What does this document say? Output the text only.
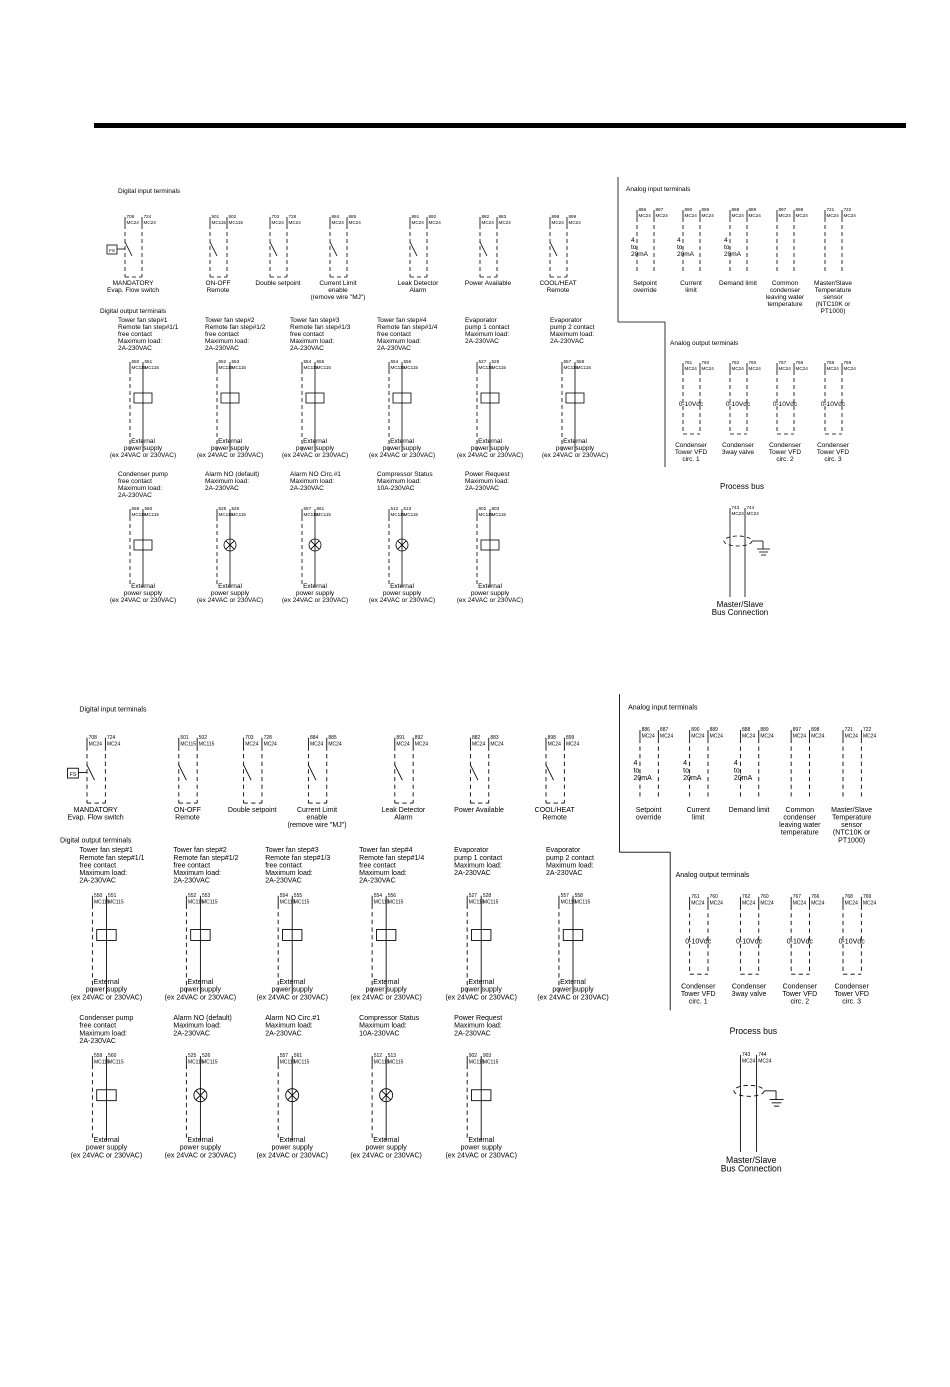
Digital input terminals
708 724
MC24 MC24
FS
MANDATORY
Evap. Flow switch
501 502
MC115 MC115
ON-OFF
Remote
703 728
MC24 MC24
Double setpoint
884 885
MC24 MC24
Current Limit
enable
(remove wire "MJ")
891 892
MC24 MC24
Leak Detector
Alarm
882 883
MC24 MC24
Power Available
898 899
MC24 MC24
COOL/HEAT
Remote
Digital output terminals
Tower fan step#1
Remote fan step#1/1
free contact
Maximum load:
2A-230VAC
550 551
MC115
MC115
External
power supply
(ex 24VAC or 230VAC)
Tower fan step#2
Remote fan step#1/2
free contact
Maximum load:
2A-230VAC
552 553
MC115
MC115
External
power supply
(ex 24VAC or 230VAC)
Tower fan step#3
Remote fan step#1/3
free contact
Maximum load:
2A-230VAC
554 555
MC115
MC115
External
power supply
(ex 24VAC or 230VAC)
Tower fan step#4
Remote fan step#1/4
free contact
Maximum load:
2A-230VAC
554 556
MC115
MC115
External
power supply
(ex 24VAC or 230VAC)
Evaporator
pump 1 contact
Maximum load:
2A-230VAC
527 528
MC115
MC115
External
power supply
(ex 24VAC or 230VAC)
Evaporator
pump 2 contact
Maximum load:
2A-230VAC
557 558
MC115
MC115
External
power supply
(ex 24VAC or 230VAC)
Condenser pump
free contact
Maximum load:
2A-230VAC
559 560
MC115
MC115
External
power supply
(ex 24VAC or 230VAC)
Alarm NO (default)
Maximum load:
2A-230VAC
525 526
MC115
MC115
External
power supply
(ex 24VAC or 230VAC)
Alarm NO Circ.#1
Maximum load:
2A-230VAC
557 561
MC115
MC115
External
power supply
(ex 24VAC or 230VAC)
Compressor Status
Maximum load:
10A-230VAC
512 513
MC115
MC115
External
power supply
(ex 24VAC or 230VAC)
Power Request
Maximum load:
2A-230VAC
902 903
MC115
MC115
External
power supply
(ex 24VAC or 230VAC)
Analog input terminals
886 887
MC24 MC24
4
to
20mA
Setpoint
override
890 889
MC24 MC24
4
to
20mA
Current
limit
888 889
MC24 MC24
4
to
20mA
Demand limit
897 898
MC24 MC24
Common
condenser
leaving water
temperature
721 722
MC24 MC24
Master/Slave
Temperature
sensor
(NTC10K or
PT1000)
Analog output terminals
761 760
MC24 MC24
0-10Vdc
Condenser
Tower VFD
circ. 1
762 760
MC24 MC24
0-10Vdc
Condenser
3way valve
767 766
MC24 MC24
0-10Vdc
Condenser
Tower VFD
circ. 2
768 769
MC24 MC24
0-10Vdc
Condenser
Tower VFD
circ. 3
Process bus
743 744
MC24 MC24
Master/Slave
Bus Connection
Digital input terminals
708 724
MC24 MC24
FS
MANDATORY
Evap. Flow switch
501 502
MC115 MC115
ON-OFF
Remote
703 728
MC24 MC24
Double setpoint
884 885
MC24 MC24
Current Limit
enable
(remove wire "MJ")
891 892
MC24 MC24
Leak Detector
Alarm
882 883
MC24 MC24
Power Available
898 899
MC24 MC24
COOL/HEAT
Remote
Digital output terminals
Tower fan step#1
Remote fan step#1/1
free contact
Maximum load:
2A-230VAC
550 551
MC115
MC115
External
power supply
(ex 24VAC or 230VAC)
Tower fan step#2
Remote fan step#1/2
free contact
Maximum load:
2A-230VAC
552 553
MC115
MC115
External
power supply
(ex 24VAC or 230VAC)
Tower fan step#3
Remote fan step#1/3
free contact
Maximum load:
2A-230VAC
554 555
MC115
MC115
External
power supply
(ex 24VAC or 230VAC)
Tower fan step#4
Remote fan step#1/4
free contact
Maximum load:
2A-230VAC
554 556
MC115
MC115
External
power supply
(ex 24VAC or 230VAC)
Evaporator
pump 1 contact
Maximum load:
2A-230VAC
527 528
MC115
MC115
External
power supply
(ex 24VAC or 230VAC)
Evaporator
pump 2 contact
Maximum load:
2A-230VAC
557 558
MC115
MC115
External
power supply
(ex 24VAC or 230VAC)
Condenser pump
free contact
Maximum load:
2A-230VAC
559 560
MC115
MC115
External
power supply
(ex 24VAC or 230VAC)
Alarm NO (default)
Maximum load:
2A-230VAC
525 526
MC115
MC115
External
power supply
(ex 24VAC or 230VAC)
Alarm NO Circ.#1
Maximum load:
2A-230VAC
557 561
MC115
MC115
External
power supply
(ex 24VAC or 230VAC)
Compressor Status
Maximum load:
10A-230VAC
512 513
MC115
MC115
External
power supply
(ex 24VAC or 230VAC)
Power Request
Maximum load:
2A-230VAC
902 903
MC115
MC115
External
power supply
(ex 24VAC or 230VAC)
Analog input terminals
886 887
MC24 MC24
4
to
20mA
Setpoint
override
890 889
MC24 MC24
4
to
20mA
Current
limit
888 889
MC24 MC24
4
to
20mA
Demand limit
897 898
MC24 MC24
Common
condenser
leaving water
temperature
721 722
MC24 MC24
Master/Slave
Temperature
sensor
(NTC10K or
PT1000)
Analog output terminals
761 760
MC24 MC24
0-10Vdc
Condenser
Tower VFD
circ. 1
762 760
MC24 MC24
0-10Vdc
Condenser
3way valve
767 766
MC24 MC24
0-10Vdc
Condenser
Tower VFD
circ. 2
768 769
MC24 MC24
0-10Vdc
Condenser
Tower VFD
circ. 3
Process bus
743 744
MC24 MC24
Master/Slave
Bus Connection
